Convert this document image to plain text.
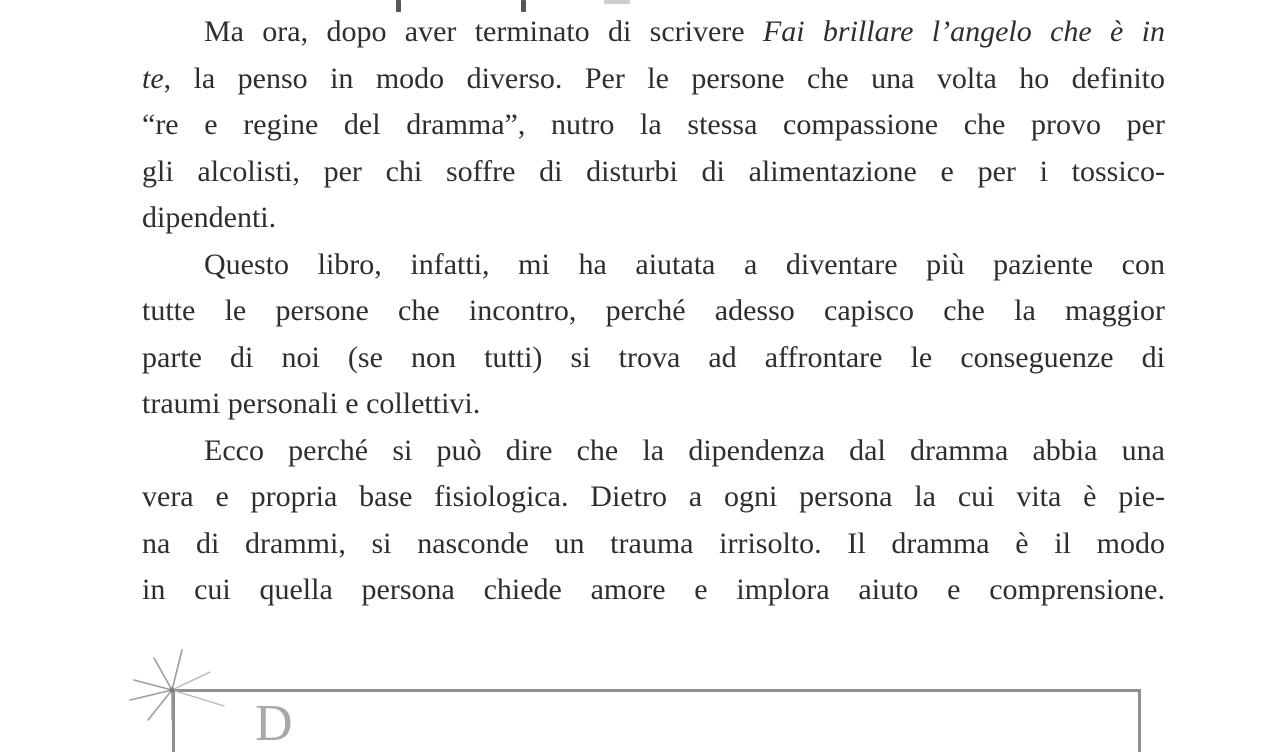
Ma ora, dopo aver terminato di scrivere Fai brillare l’angelo che è in
te, la penso in modo diverso. Per le persone che una volta ho definito
“re e regine del dramma”, nutro la stessa compassione che provo per
gli alcolisti, per chi soffre di disturbi di alimentazione e per i tossico-
dipendenti.
Questo libro, infatti, mi ha aiutata a diventare più paziente con
tutte le persone che incontro, perché adesso capisco che la maggior
parte di noi (se non tutti) si trova ad affrontare le conseguenze di
traumi personali e collettivi.
Ecco perché si può dire che la dipendenza dal dramma abbia una
vera e propria base fisiologica. Dietro a ogni persona la cui vita è pie-
na di drammi, si nasconde un trauma irrisolto. Il dramma è il modo
in cui quella persona chiede amore e implora aiuto e comprensione.
D
